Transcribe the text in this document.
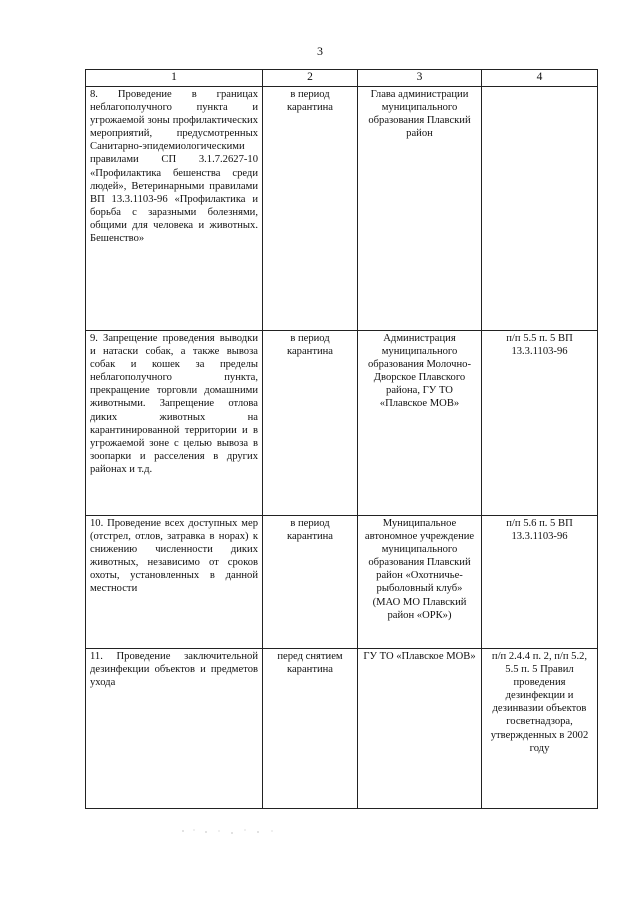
3
1	2	3	4
8. Проведение в границах неблагополучного пункта и угрожаемой зоны профилактических мероприятий, предусмотренных Санитарно-эпидемиологическими правилами СП 3.1.7.2627-10 «Профилактика бешенства среди людей», Ветеринарными правилами ВП 13.3.1103-96 «Профилактика и борьба с заразными болезнями, общими для человека и животных. Бешенство»	в период карантина	Глава администрации муниципального образования Плавский район	
9. Запрещение проведения выводки и натаски собак, а также вывоза собак и кошек за пределы неблагополучного пункта, прекращение торговли домашними животными. Запрещение отлова диких животных на карантинированной территории и в угрожаемой зоне с целью вывоза в зоопарки и расселения в других районах и т.д.	в период карантина	Администрация муниципального образования Молочно-Дворское Плавского района, ГУ ТО «Плавское МОВ»	п/п 5.5 п. 5 ВП 13.3.1103-96
10. Проведение всех доступных мер (отстрел, отлов, затравка в норах) к снижению численности диких животных, независимо от сроков охоты, установленных в данной местности	в период карантина	Муниципальное автономное учреждение муниципального образования Плавский район «Охотничье-рыболовный клуб» (МАО МО Плавский район «ОРК»)	п/п 5.6 п. 5 ВП 13.3.1103-96
11. Проведение заключительной дезинфекции объектов и предметов ухода	перед снятием карантина	ГУ ТО «Плавское МОВ»	п/п 2.4.4 п. 2, п/п 5.2, 5.5 п. 5 Правил проведения дезинфекции и дезинвазии объектов госветнадзора, утвержденных в 2002 году
